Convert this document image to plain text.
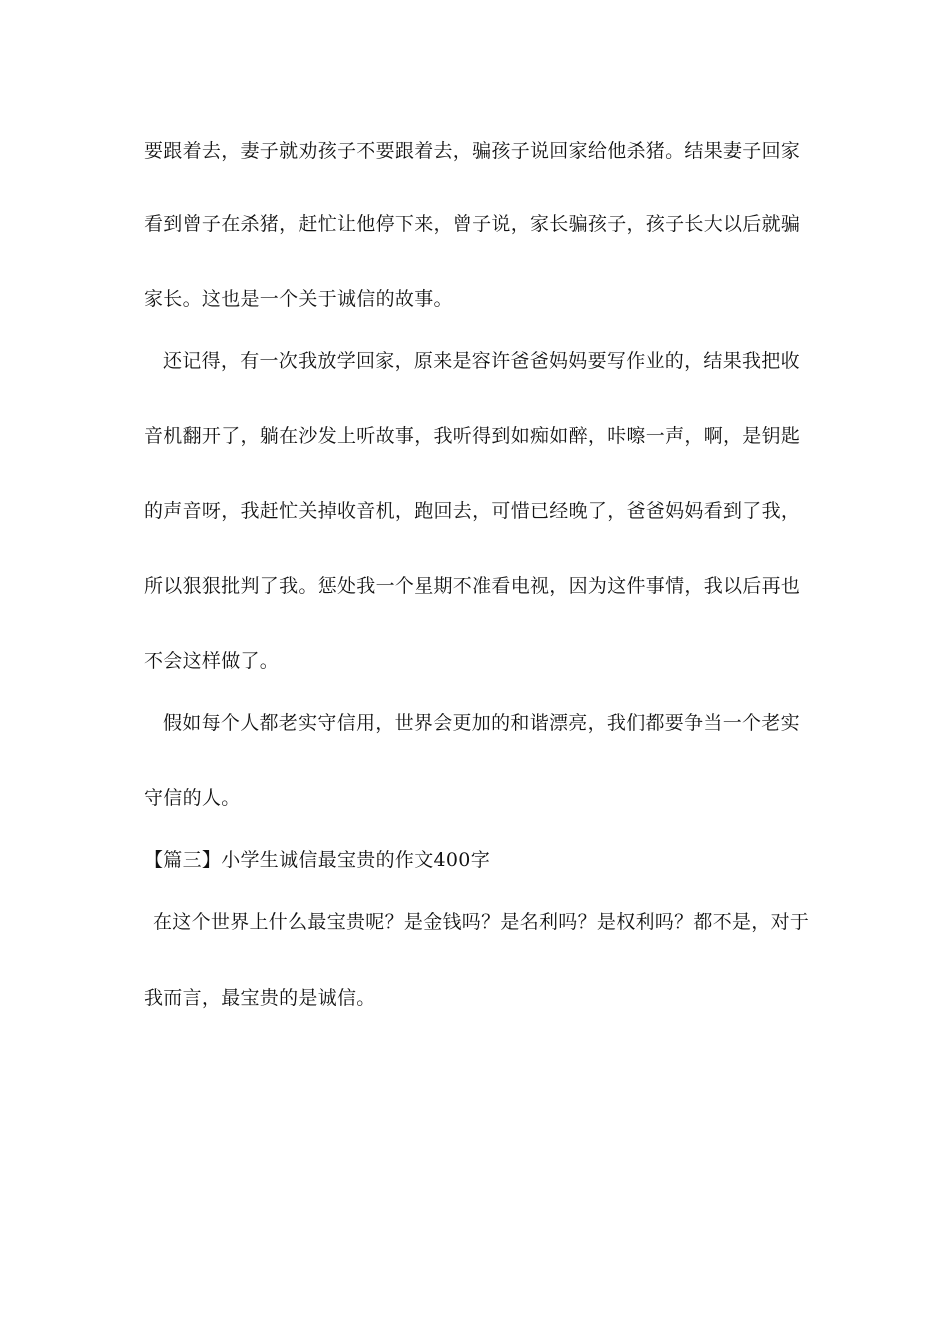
要跟着去，妻子就劝孩子不要跟着去，骗孩子说回家给他杀猪。结果妻子回家
看到曾子在杀猪，赶忙让他停下来，曾子说，家长骗孩子，孩子长大以后就骗
家长。这也是一个关于诚信的故事。
还记得，有一次我放学回家，原来是容许爸爸妈妈要写作业的，结果我把收
音机翻开了，躺在沙发上听故事，我听得到如痴如醉，咔嚓一声，啊，是钥匙
的声音呀，我赶忙关掉收音机，跑回去，可惜已经晚了，爸爸妈妈看到了我，
所以狠狠批判了我。惩处我一个星期不准看电视，因为这件事情，我以后再也
不会这样做了。
假如每个人都老实守信用，世界会更加的和谐漂亮，我们都要争当一个老实
守信的人。
【篇三】小学生诚信最宝贵的作文400字
在这个世界上什么最宝贵呢？是金钱吗？是名利吗？是权利吗？都不是，对于
我而言，最宝贵的是诚信。
